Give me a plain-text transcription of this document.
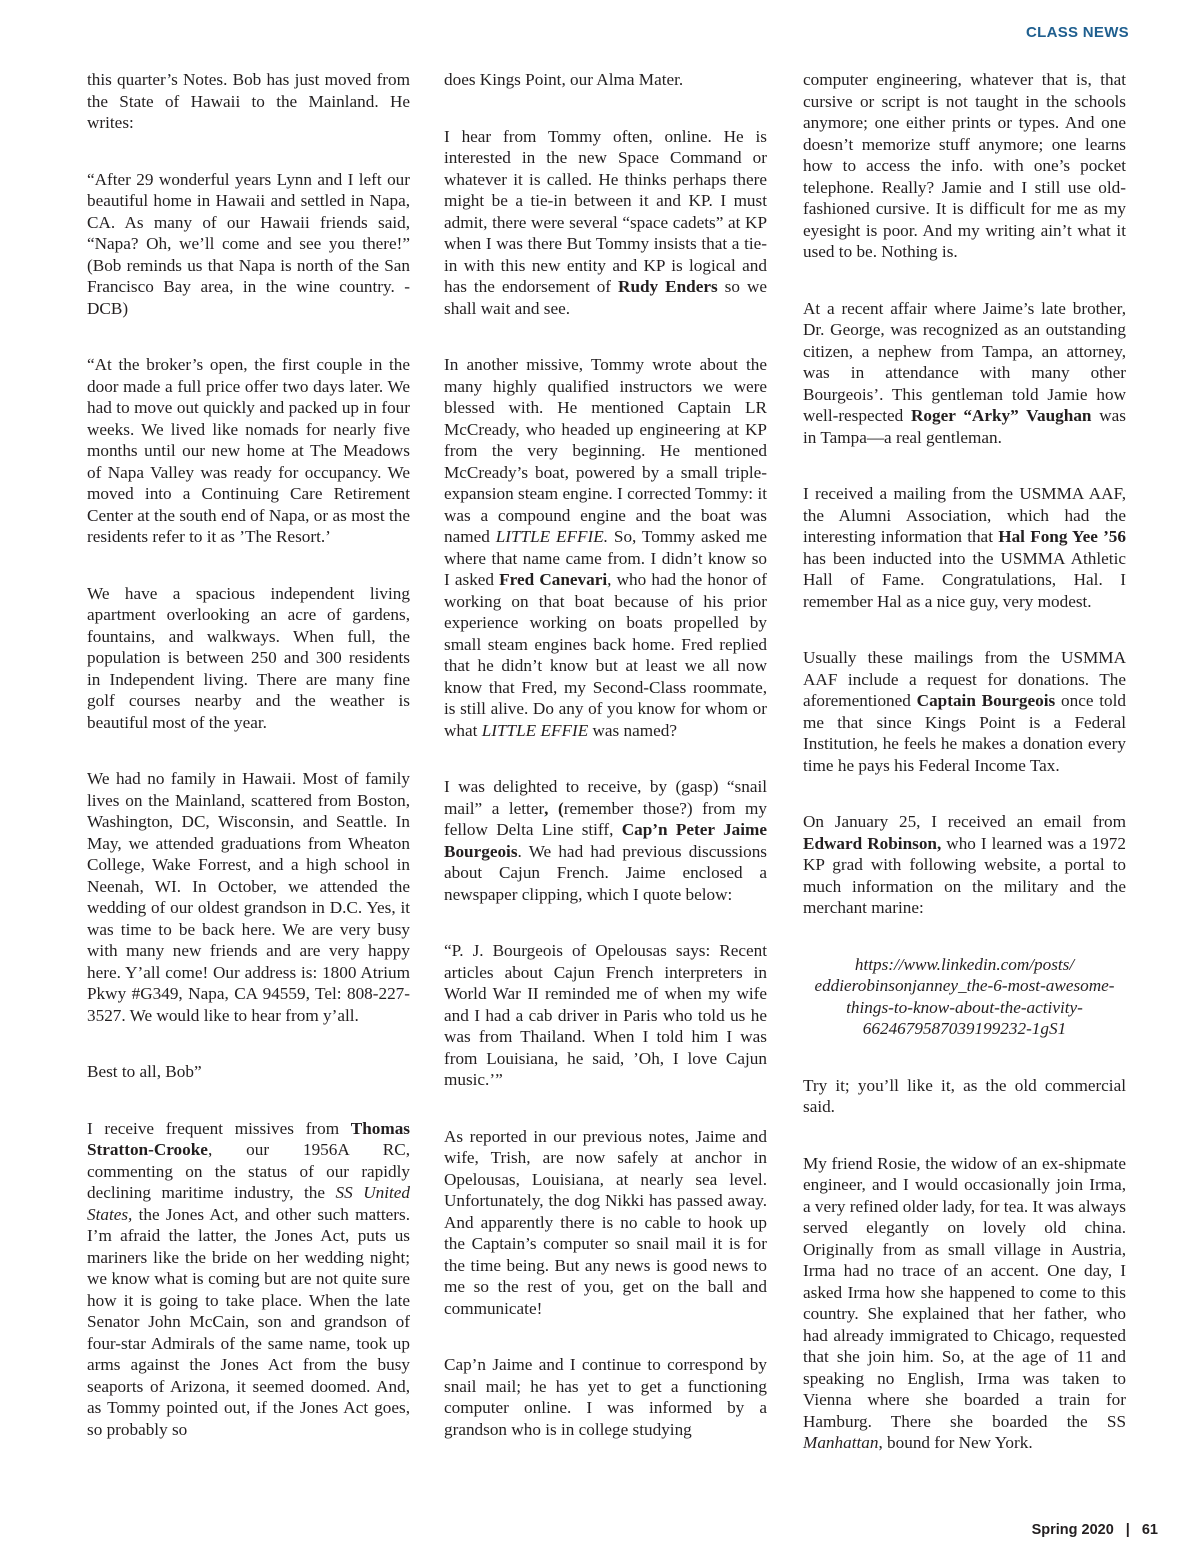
CLASS NEWS

this quarter’s Notes. Bob has just moved from the State of Hawaii to the Mainland. He writes:

“After 29 wonderful years Lynn and I left our beautiful home in Hawaii and settled in Napa, CA. As many of our Hawaii friends said, “Napa? Oh, we’ll come and see you there!” (Bob reminds us that Napa is north of the San Francisco Bay area, in the wine country. - DCB)

“At the broker’s open, the first couple in the door made a full price offer two days later. We had to move out quickly and packed up in four weeks. We lived like nomads for nearly five months until our new home at The Meadows of Napa Valley was ready for occupancy. We moved into a Continuing Care Retirement Center at the south end of Napa, or as most the residents refer to it as ’The Resort.’

We have a spacious independent living apartment overlooking an acre of gardens, fountains, and walkways. When full, the population is between 250 and 300 residents in Independent living. There are many fine golf courses nearby and the weather is beautiful most of the year.

We had no family in Hawaii. Most of family lives on the Mainland, scattered from Boston, Washington, DC, Wisconsin, and Seattle. In May, we attended graduations from Wheaton College, Wake Forrest, and a high school in Neenah, WI. In October, we attended the wedding of our oldest grandson in D.C. Yes, it was time to be back here. We are very busy with many new friends and are very happy here. Y’all come! Our address is: 1800 Atrium Pkwy #G349, Napa, CA 94559, Tel: 808-227-3527. We would like to hear from y’all.

Best to all, Bob”

I receive frequent missives from Thomas Stratton-Crooke, our 1956A RC, commenting on the status of our rapidly declining maritime industry, the SS United States, the Jones Act, and other such matters. I’m afraid the latter, the Jones Act, puts us mariners like the bride on her wedding night; we know what is coming but are not quite sure how it is going to take place. When the late Senator John McCain, son and grandson of four-star Admirals of the same name, took up arms against the Jones Act from the busy seaports of Arizona, it seemed doomed. And, as Tommy pointed out, if the Jones Act goes, so probably so

does Kings Point, our Alma Mater.

I hear from Tommy often, online. He is interested in the new Space Command or whatever it is called. He thinks perhaps there might be a tie-in between it and KP. I must admit, there were several “space cadets” at KP when I was there But Tommy insists that a tie-in with this new entity and KP is logical and has the endorsement of Rudy Enders so we shall wait and see.

In another missive, Tommy wrote about the many highly qualified instructors we were blessed with. He mentioned Captain LR McCready, who headed up engineering at KP from the very beginning. He mentioned McCready’s boat, powered by a small triple-expansion steam engine. I corrected Tommy: it was a compound engine and the boat was named LITTLE EFFIE. So, Tommy asked me where that name came from. I didn’t know so I asked Fred Canevari, who had the honor of working on that boat because of his prior experience working on boats propelled by small steam engines back home. Fred replied that he didn’t know but at least we all now know that Fred, my Second-Class roommate, is still alive. Do any of you know for whom or what LITTLE EFFIE was named?

I was delighted to receive, by (gasp) “snail mail” a letter, (remember those?) from my fellow Delta Line stiff, Cap’n Peter Jaime Bourgeois. We had had previous discussions about Cajun French. Jaime enclosed a newspaper clipping, which I quote below:

“P. J. Bourgeois of Opelousas says: Recent articles about Cajun French interpreters in World War II reminded me of when my wife and I had a cab driver in Paris who told us he was from Thailand. When I told him I was from Louisiana, he said, ’Oh, I love Cajun music.’”

As reported in our previous notes, Jaime and wife, Trish, are now safely at anchor in Opelousas, Louisiana, at nearly sea level. Unfortunately, the dog Nikki has passed away. And apparently there is no cable to hook up the Captain’s computer so snail mail it is for the time being. But any news is good news to me so the rest of you, get on the ball and communicate!

Cap’n Jaime and I continue to correspond by snail mail; he has yet to get a functioning computer online. I was informed by a grandson who is in college studying

computer engineering, whatever that is, that cursive or script is not taught in the schools anymore; one either prints or types. And one doesn’t memorize stuff anymore; one learns how to access the info. with one’s pocket telephone. Really? Jamie and I still use old-fashioned cursive. It is difficult for me as my eyesight is poor. And my writing ain’t what it used to be. Nothing is.

At a recent affair where Jaime’s late brother, Dr. George, was recognized as an outstanding citizen, a nephew from Tampa, an attorney, was in attendance with many other Bourgeois’. This gentleman told Jamie how well-respected Roger “Arky” Vaughan was in Tampa—a real gentleman.

I received a mailing from the USMMA AAF, the Alumni Association, which had the interesting information that Hal Fong Yee ’56 has been inducted into the USMMA Athletic Hall of Fame. Congratulations, Hal. I remember Hal as a nice guy, very modest.

Usually these mailings from the USMMA AAF include a request for donations. The aforementioned Captain Bourgeois once told me that since Kings Point is a Federal Institution, he feels he makes a donation every time he pays his Federal Income Tax.

On January 25, I received an email from Edward Robinson, who I learned was a 1972 KP grad with following website, a portal to much information on the military and the merchant marine:

https://www.linkedin.com/posts/ eddierobinsonjanney_the-6-most-awesome- things-to-know-about-the-activity- 6624679587039199232-1gS1

Try it; you’ll like it, as the old commercial said.

My friend Rosie, the widow of an ex-shipmate engineer, and I would occasionally join Irma, a very refined older lady, for tea. It was always served elegantly on lovely old china. Originally from as small village in Austria, Irma had no trace of an accent. One day, I asked Irma how she happened to come to this country. She explained that her father, who had already immigrated to Chicago, requested that she join him. So, at the age of 11 and speaking no English, Irma was taken to Vienna where she boarded a train for Hamburg. There she boarded the SS Manhattan, bound for New York.

Spring 2020 | 61
